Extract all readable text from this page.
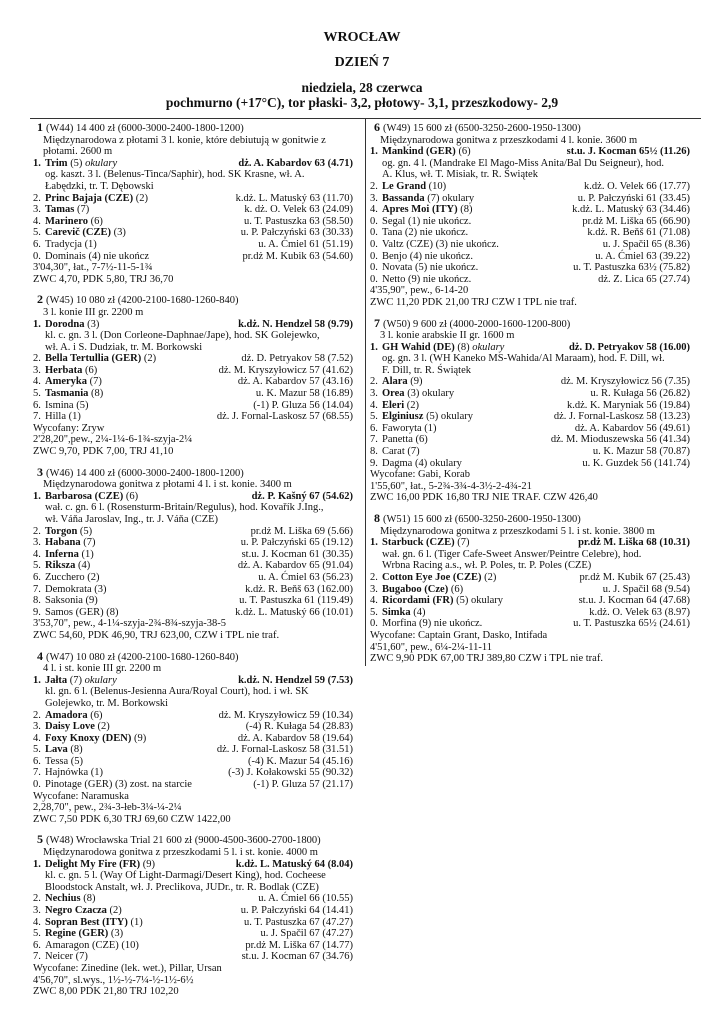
WROCŁAW
DZIEŃ 7
niedziela, 28 czerwca
pochmurno (+17°C), tor płaski- 3,2, płotowy- 3,1, przeszkodowy- 2,9
1 (W44) 14 400 zł (6000-3000-2400-1800-1200)
Międzynarodowa z płotami 3 l. konie, które debiutują w gonitwie z
płotami. 2600 m
1. Trim (5) okulary	dż. A. Kabardov 63 (4.71)
og. kaszt. 3 l. (Belenus-Tinca/Saphir), hod. SK Krasne, wł. A.
Łabędzki, tr. T. Dębowski
2. Princ Bajaja (CZE) (2)	k.dż. L. Matuský 63 (11.70)
3. Tamas (7)	k. dż. O. Velek 63 (24.09)
4. Marinero (6)	u. T. Pastuszka 63 (58.50)
5. Carevič (CZE) (3)	u. P. Pałczyński 63 (30.33)
6. Tradycja (1)	u. A. Ćmiel 61 (51.19)
0. Dominais (4) nie ukończ	pr.dż M. Kubik 63 (54.60)
3'04,30", łat., 7-7½-11-5-1¾
ZWC 4,70, PDK 5,80, TRJ 36,70
2 (W45) 10 080 zł (4200-2100-1680-1260-840)
3 l. konie III gr. 2200 m
1. Dorodna (3)	k.dż. N. Hendzel 58 (9.79)
kl. c. gn. 3 l. (Don Corleone-Daphnae/Jape), hod. SK Golejewko,
wł. A. i S. Dudziak, tr. M. Borkowski
2. Bella Tertullia (GER) (2)	dż. D. Petryakov 58 (7.52)
3. Herbata (6)	dż. M. Kryszyłowicz 57 (41.62)
4. Ameryka (7)	dż. A. Kabardov 57 (43.16)
5. Tasmania (8)	u. K. Mazur 58 (16.89)
6. Ismina (5)	(-1) P. Gluza 56 (14.04)
7. Hilla (1)	dż. J. Fornal-Laskosz 57 (68.55)
Wycofany: Zryw
2'28,20",pew., 2¼-1¼-6-1¾-szyja-2¼
ZWC 9,70, PDK 7,00, TRJ 41,10
3 (W46) 14 400 zł (6000-3000-2400-1800-1200)
Międzynarodowa gonitwa z płotami 4 l. i st. konie. 3400 m
1. Barbarosa (CZE) (6)	dż. P. Kašný 67 (54.62)
wał. c. gn. 6 l. (Rosensturm-Britain/Regulus), hod. Kovařík J.Ing.,
wł. Váňa Jaroslav, Ing., tr. J. Váňa (CZE)
2. Torgon (5)	pr.dż M. Liška 69 (5.66)
3. Habana (7)	u. P. Pałczyński 65 (19.12)
4. Inferna (1)	st.u. J. Kocman 61 (30.35)
5. Riksza (4)	dż. A. Kabardov 65 (91.04)
6. Zucchero (2)	u. A. Ćmiel 63 (56.23)
7. Demokrata (3)	k.dż. R. Beňš 63 (162.00)
8. Saksonia (9)	u. T. Pastuszka 61 (119.49)
9. Samos (GER) (8)	k.dż. L. Matuský 66 (10.01)
3'53,70", pew., 4-1¼-szyja-2¾-8¾-szyja-38-5
ZWC 54,60, PDK 46,90, TRJ 623,00, CZW i TPL nie traf.
4 (W47) 10 080 zł (4200-2100-1680-1260-840)
4 l. i st. konie III gr. 2200 m
1. Jałta (7) okulary	k.dż. N. Hendzel 59 (7.53)
kl. gn. 6 l. (Belenus-Jesienna Aura/Royal Court), hod. i wł. SK
Golejewko, tr. M. Borkowski
2. Amadora (6)	dż. M. Kryszyłowicz 59 (10.34)
3. Daisy Love (2)	(-4) R. Kułaga 54 (28.83)
4. Foxy Knoxy (DEN) (9)	dż. A. Kabardov 58 (19.64)
5. Lava (8)	dż. J. Fornal-Laskosz 58 (31.51)
6. Tessa (5)	(-4) K. Mazur 54 (45.16)
7. Hajnówka (1)	(-3) J. Kołakowski 55 (90.32)
0. Pinotage (GER) (3) zost. na starcie	(-1) P. Gluza 57 (21.17)
Wycofane: Naramuska
2,28,70", pew., 2¾-3-łeb-3¼-¼-2¼
ZWC 7,50 PDK 6,30 TRJ 69,60 CZW 1422,00
5 (W48) Wrocławska Trial 21 600 zł (9000-4500-3600-2700-1800)
Międzynarodowa gonitwa z przeszkodami 5 l. i st. konie. 4000 m
1. Delight My Fire (FR) (9)	k.dż. L. Matuský 64 (8.04)
kl. c. gn. 5 l. (Way Of Light-Darmagi/Desert King), hod. Cocheese
Bloodstock Anstalt, wł. J. Preclikova, JUDr., tr. R. Bodlak (CZE)
2. Nechius (8)	u. A. Ćmiel 66 (10.55)
3. Negro Czacza (2)	u. P. Pałczyński 64 (14.41)
4. Sopran Best (ITY) (1)	u. T. Pastuszka 67 (47.27)
5. Regine (GER) (3)	u. J. Spačil 67 (47.27)
6. Amaragon (CZE) (10)	pr.dż M. Liška 67 (14.77)
7. Neicer (7)	st.u. J. Kocman 67 (34.76)
Wycofane: Zinedine (lek. wet.), Pillar, Ursan
4'56,70", sl.wys., 1½-½-7¼-½-1½-6½
ZWC 8,00 PDK 21,80 TRJ 102,20
6 (W49) 15 600 zł (6500-3250-2600-1950-1300)
Międzynarodowa gonitwa z przeszkodami 4 l. konie. 3600 m
1. Mankind (GER) (6)	st.u. J. Kocman 65½ (11.26)
og. gn. 4 l. (Mandrake El Mago-Miss Anita/Bal Du Seigneur), hod.
A. Klus, wł. T. Misiak, tr. R. Świątek
2. Le Grand (10)	k.dż. O. Velek 66 (17.77)
3. Bassanda (7) okulary	u. P. Pałczyński 61 (33.45)
4. Apres Moi (ITY) (8)	k.dż. L. Matuský 63 (34.46)
0. Segal (1) nie ukończ.	pr.dż M. Liška 65 (66.90)
0. Tana (2) nie ukończ.	k.dż. R. Beňš 61 (71.08)
0. Valtz (CZE) (3) nie ukończ.	u. J. Spačil 65 (8.36)
0. Benjo (4) nie ukończ.	u. A. Ćmiel 63 (39.22)
0. Novata (5) nie ukończ.	u. T. Pastuszka 63½ (75.82)
0. Netto (9) nie ukończ.	dż. Z. Lica 65 (27.74)
4'35,90", pew., 6-14-20
ZWC 11,20 PDK 21,00 TRJ CZW I TPL nie traf.
7 (W50) 9 600 zł (4000-2000-1600-1200-800)
3 l. konie arabskie II gr. 1600 m
1. GH Wahid (DE) (8) okulary	dż. D. Petryakov 58 (16.00)
og. gn. 3 l. (WH Kaneko MS-Wahida/Al Maraam), hod. F. Dill, wł.
F. Dill, tr. R. Świątek
2. Alara (9)	dż. M. Kryszyłowicz 56 (7.35)
3. Orea (3) okulary	u. R. Kułaga 56 (26.82)
4. Eleri (2)	k.dż. K. Maryniak 56 (19.84)
5. Elginiusz (5) okulary	dż. J. Fornal-Laskosz 58 (13.23)
6. Faworyta (1)	dż. A. Kabardov 56 (49.61)
7. Panetta (6)	dż. M. Mioduszewska 56 (41.34)
8. Carat (7)	u. K. Mazur 58 (70.87)
9. Dagma (4) okulary	u. K. Guzdek 56 (141.74)
Wycofane: Gabi, Korab
1'55,60", łat., 5-2¾-3¾-4-3½-2-4¾-21
ZWC 16,00 PDK 16,80 TRJ NIE TRAF. CZW 426,40
8 (W51) 15 600 zł (6500-3250-2600-1950-1300)
Międzynarodowa gonitwa z przeszkodami 5 l. i st. konie. 3800 m
1. Starbuck (CZE) (7)	pr.dż M. Liška 68 (10.31)
wał. gn. 6 l. (Tiger Cafe-Sweet Answer/Peintre Celebre), hod.
Wrbna Racing a.s., wł. P. Poles, tr. P. Poles (CZE)
2. Cotton Eye Joe (CZE) (2)	pr.dż M. Kubik 67 (25.43)
3. Bugaboo (Cze) (6)	u. J. Spačil 68 (9.54)
4. Ricordami (FR) (5) okulary	st.u. J. Kocman 64 (47.68)
5. Simka (4)	k.dż. O. Velek 63 (8.97)
0. Morfina (9) nie ukończ.	u. T. Pastuszka 65½ (24.61)
Wycofane: Captain Grant, Dasko, Intifada
4'51,60", pew., 6¼-2¼-11-11
ZWC 9,90 PDK 67,00 TRJ 389,80 CZW i TPL nie traf.
